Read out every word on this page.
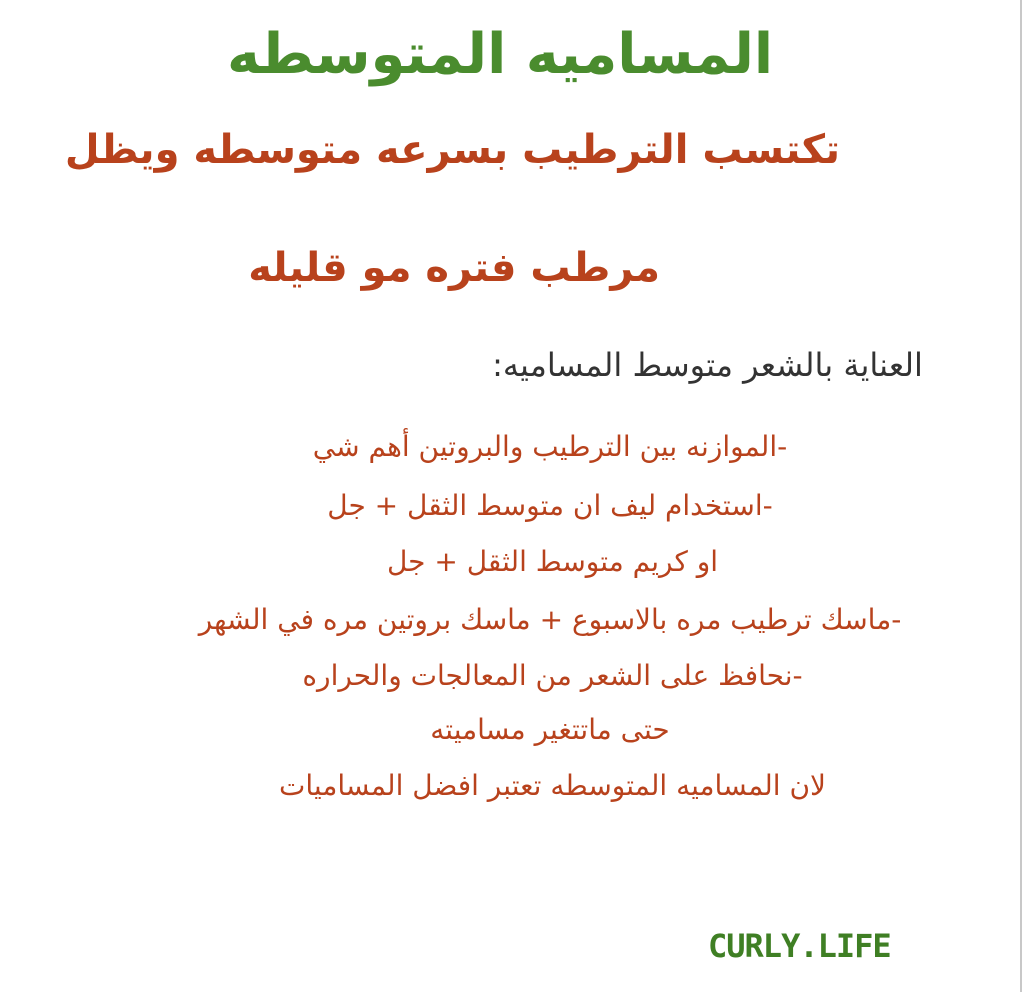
المساميه المتوسطه
تكتسب الترطيب بسرعه متوسطه ويظل
مرطب فتره مو قليله
العناية بالشعر متوسط المساميه:
-الموازنه بين الترطيب والبروتين أهم شي
-استخدام ليف ان متوسط الثقل + جل
او كريم متوسط الثقل + جل
-ماسك ترطيب مره بالاسبوع + ماسك بروتين مره في الشهر
-نحافظ على الشعر من المعالجات والحراره
حتى ماتتغير مساميته
لان المساميه المتوسطه تعتبر افضل المساميات
CURLY.LIFE
